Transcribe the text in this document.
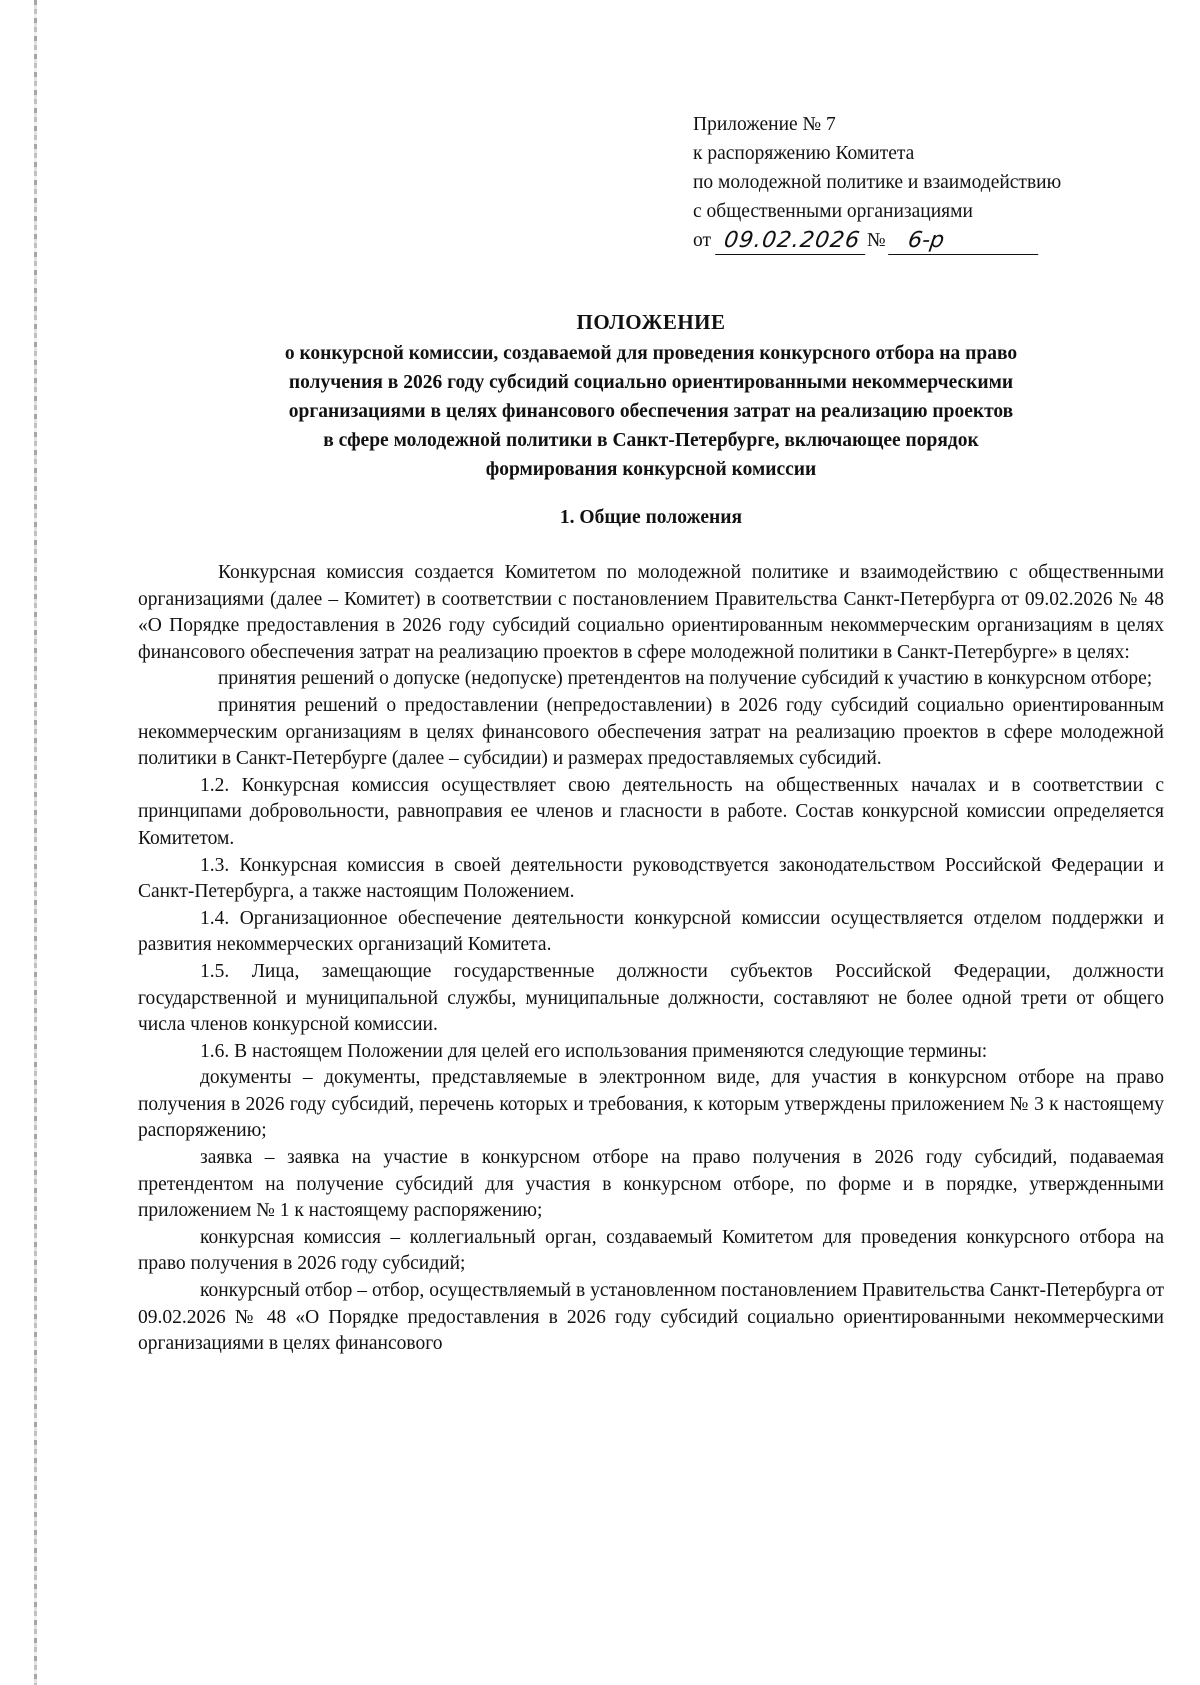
Приложение № 7
к распоряжению Комитета
по молодежной политике и взаимодействию
с общественными организациями
от 09.02.2026 № 6-р
ПОЛОЖЕНИЕ
о конкурсной комиссии, создаваемой для проведения конкурсного отбора на право
получения в 2026 году субсидий социально ориентированными некоммерческими
организациями в целях финансового обеспечения затрат на реализацию проектов
в сфере молодежной политики в Санкт-Петербурге, включающее порядок
формирования конкурсной комиссии
1. Общие положения

Конкурсная комиссия создается Комитетом по молодежной политике и взаимодействию с общественными организациями (далее – Комитет) в соответствии с постановлением Правительства Санкт-Петербурга от 09.02.2026 № 48 «О Порядке предоставления в 2026 году субсидий социально ориентированным некоммерческим организациям в целях финансового обеспечения затрат на реализацию проектов в сфере молодежной политики в Санкт-Петербурге» в целях:

принятия решений о допуске (недопуске) претендентов на получение субсидий к участию в конкурсном отборе;

принятия решений о предоставлении (непредоставлении) в 2026 году субсидий социально ориентированным некоммерческим организациям в целях финансового обеспечения затрат на реализацию проектов в сфере молодежной политики в Санкт-Петербурге (далее – субсидии) и размерах предоставляемых субсидий.

1.2. Конкурсная комиссия осуществляет свою деятельность на общественных началах и в соответствии с принципами добровольности, равноправия ее членов и гласности в работе. Состав конкурсной комиссии определяется Комитетом.

1.3. Конкурсная комиссия в своей деятельности руководствуется законодательством Российской Федерации и Санкт-Петербурга, а также настоящим Положением.

1.4. Организационное обеспечение деятельности конкурсной комиссии осуществляется отделом поддержки и развития некоммерческих организаций Комитета.

1.5. Лица, замещающие государственные должности субъектов Российской Федерации, должности государственной и муниципальной службы, муниципальные должности, составляют не более одной трети от общего числа членов конкурсной комиссии.

1.6. В настоящем Положении для целей его использования применяются следующие термины:

документы – документы, представляемые в электронном виде, для участия в конкурсном отборе на право получения в 2026 году субсидий, перечень которых и требования, к которым утверждены приложением № 3 к настоящему распоряжению;

заявка – заявка на участие в конкурсном отборе на право получения в 2026 году субсидий, подаваемая претендентом на получение субсидий для участия в конкурсном отборе, по форме и в порядке, утвержденными приложением № 1 к настоящему распоряжению;

конкурсная комиссия – коллегиальный орган, создаваемый Комитетом для проведения конкурсного отбора на право получения в 2026 году субсидий;

конкурсный отбор – отбор, осуществляемый в установленном постановлением Правительства Санкт-Петербурга от 09.02.2026 № 48 «О Порядке предоставления в 2026 году субсидий социально ориентированными некоммерческими организациями в целях финансового
